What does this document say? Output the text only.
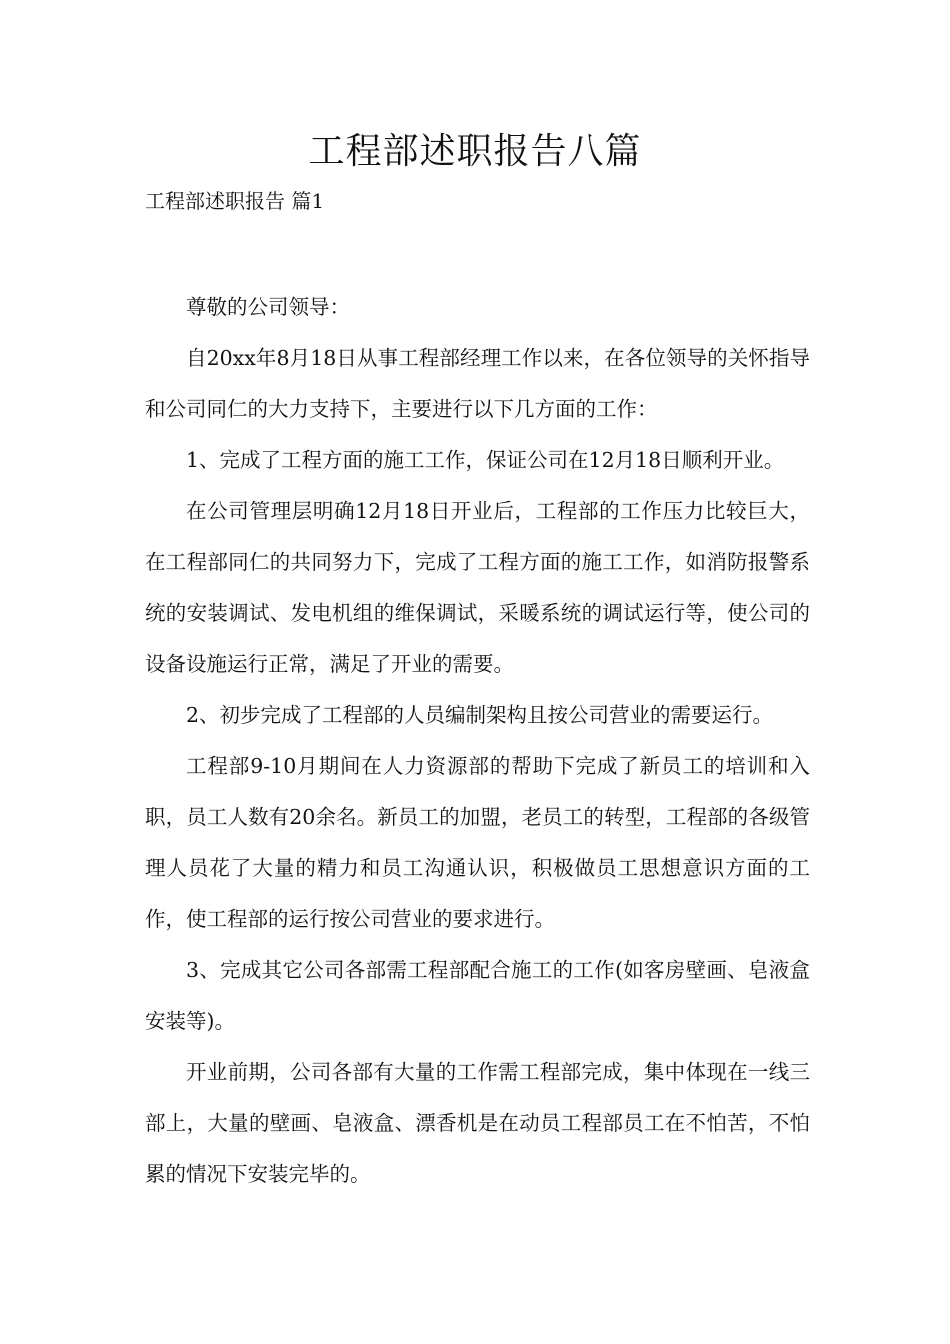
工程部述职报告八篇

工程部述职报告 篇1

尊敬的公司领导：

自20xx年8月18日从事工程部经理工作以来，在各位领导的关怀指导和公司同仁的大力支持下，主要进行以下几方面的工作：

1、完成了工程方面的施工工作，保证公司在12月18日顺利开业。

在公司管理层明确12月18日开业后，工程部的工作压力比较巨大，在工程部同仁的共同努力下，完成了工程方面的施工工作，如消防报警系统的安装调试、发电机组的维保调试，采暖系统的调试运行等，使公司的设备设施运行正常，满足了开业的需要。

2、初步完成了工程部的人员编制架构且按公司营业的需要运行。

工程部9-10月期间在人力资源部的帮助下完成了新员工的培训和入职，员工人数有20余名。新员工的加盟，老员工的转型，工程部的各级管理人员花了大量的精力和员工沟通认识，积极做员工思想意识方面的工作，使工程部的运行按公司营业的要求进行。

3、完成其它公司各部需工程部配合施工的工作(如客房壁画、皂液盒安装等)。

开业前期，公司各部有大量的工作需工程部完成，集中体现在一线三部上，大量的壁画、皂液盒、漂香机是在动员工程部员工在不怕苦，不怕累的情况下安装完毕的。
